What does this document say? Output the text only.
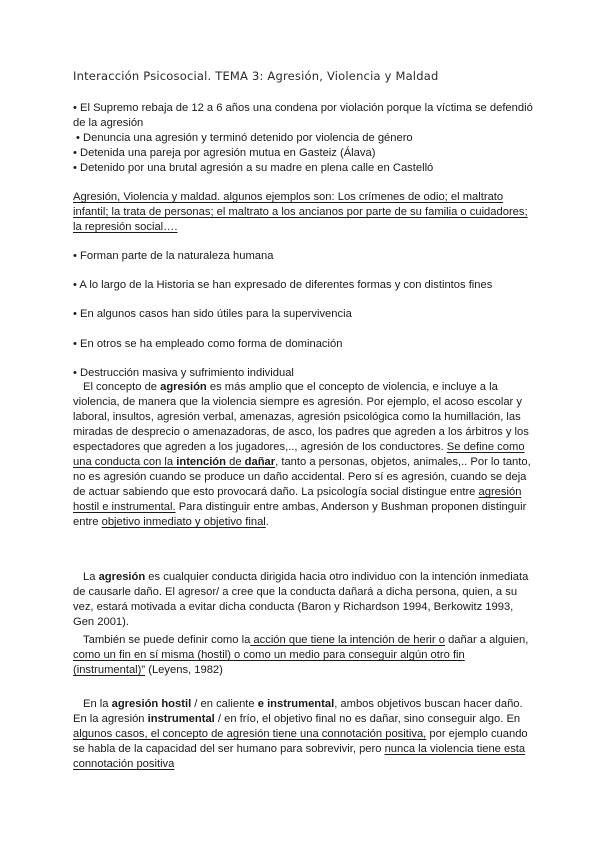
Interacción Psicosocial. TEMA 3: Agresión, Violencia y Maldad

• El Supremo rebaja de 12 a 6 años una condena por violación porque la víctima se defendió de la agresión

• Denuncia una agresión y terminó detenido por violencia de género

• Detenida una pareja por agresión mutua en Gasteiz (Álava)

• Detenido por una brutal agresión a su madre en plena calle en Castelló

Agresión, Violencia y maldad. algunos ejemplos son: Los crímenes de odio; el maltrato infantil; la trata de personas; el maltrato a los ancianos por parte de su familia o cuidadores; la represión social….

• Forman parte de la naturaleza humana

• A lo largo de la Historia se han expresado de diferentes formas y con distintos fines

• En algunos casos han sido útiles para la supervivencia

• En otros se ha empleado como forma de dominación

• Destrucción masiva y sufrimiento individual

El concepto de agresión es más amplio que el concepto de violencia, e incluye a la violencia, de manera que la violencia siempre es agresión. Por ejemplo, el acoso escolar y laboral, insultos, agresión verbal, amenazas, agresión psicológica como la humillación, las miradas de desprecio o amenazadoras, de asco, los padres que agreden a los árbitros y los espectadores que agreden a los jugadores,.., agresión de los conductores. Se define como una conducta con la intención de dañar, tanto a personas, objetos, animales,.. Por lo tanto, no es agresión cuando se produce un daño accidental. Pero sí es agresión, cuando se deja de actuar sabiendo que esto provocará daño. La psicología social distingue entre agresión hostil e instrumental. Para distinguir entre ambas, Anderson y Bushman proponen distinguir entre objetivo inmediato y objetivo final.

La agresión es cualquier conducta dirigida hacia otro individuo con la intención inmediata de causarle daño. El agresor/ a cree que la conducta dañará a dicha persona, quien, a su vez, estará motivada a evitar dicha conducta (Baron y Richardson 1994, Berkowitz 1993, Gen 2001).

También se puede definir como la acción que tiene la intención de herir o dañar a alguien, como un fin en sí misma (hostil) o como un medio para conseguir algún otro fin (instrumental)” (Leyens, 1982)

En la agresión hostil / en caliente e instrumental, ambos objetivos buscan hacer daño. En la agresión instrumental / en frío, el objetivo final no es dañar, sino conseguir algo. En algunos casos, el concepto de agresión tiene una connotación positiva, por ejemplo cuando se habla de la capacidad del ser humano para sobrevivir, pero nunca la violencia tiene esta connotación positiva
